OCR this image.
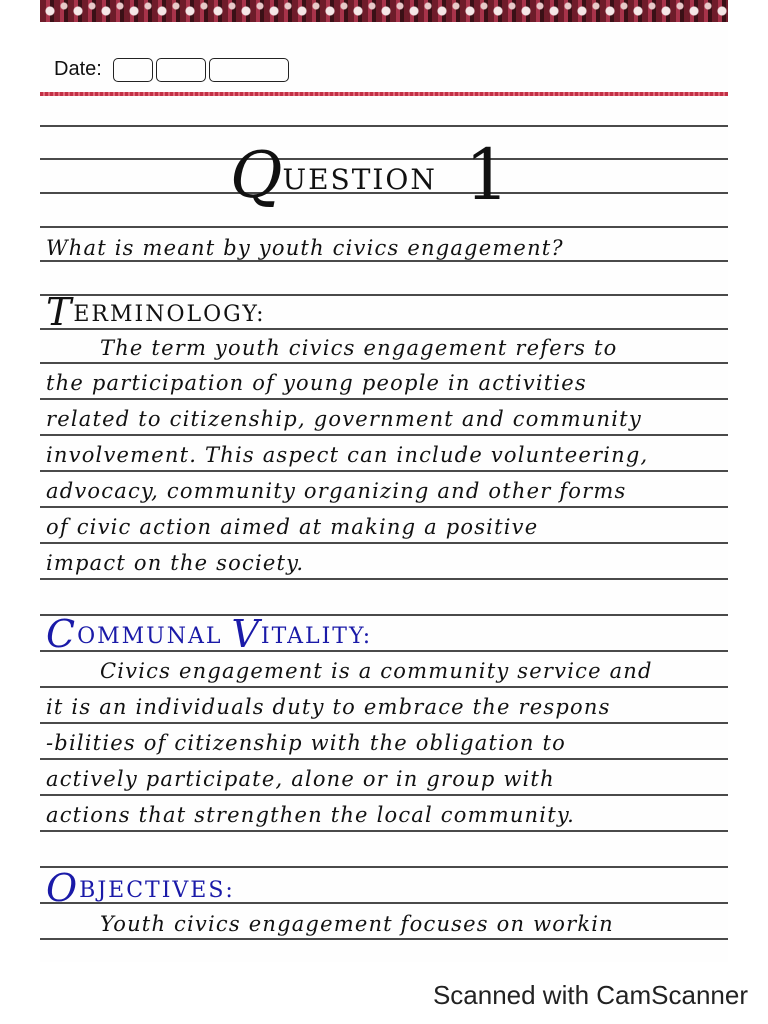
Date:
QUESTION 1
What is meant by youth civics engagement?
TERMINOLOGY:
The term youth civics engagement refers to
the participation of young people in activities
related to citizenship, government and community
involvement. This aspect can include volunteering,
advocacy, community organizing and other forms
of civic action aimed at making a positive
impact on the society.
COMMUNAL VITALITY:
Civics engagement is a community service and
it is an individuals duty to embrace the respons
-bilities of citizenship with the obligation to
actively participate, alone or in group with
actions that strengthen the local community.
OBJECTIVES:
Youth civics engagement focuses on workin
Scanned with CamScanner
